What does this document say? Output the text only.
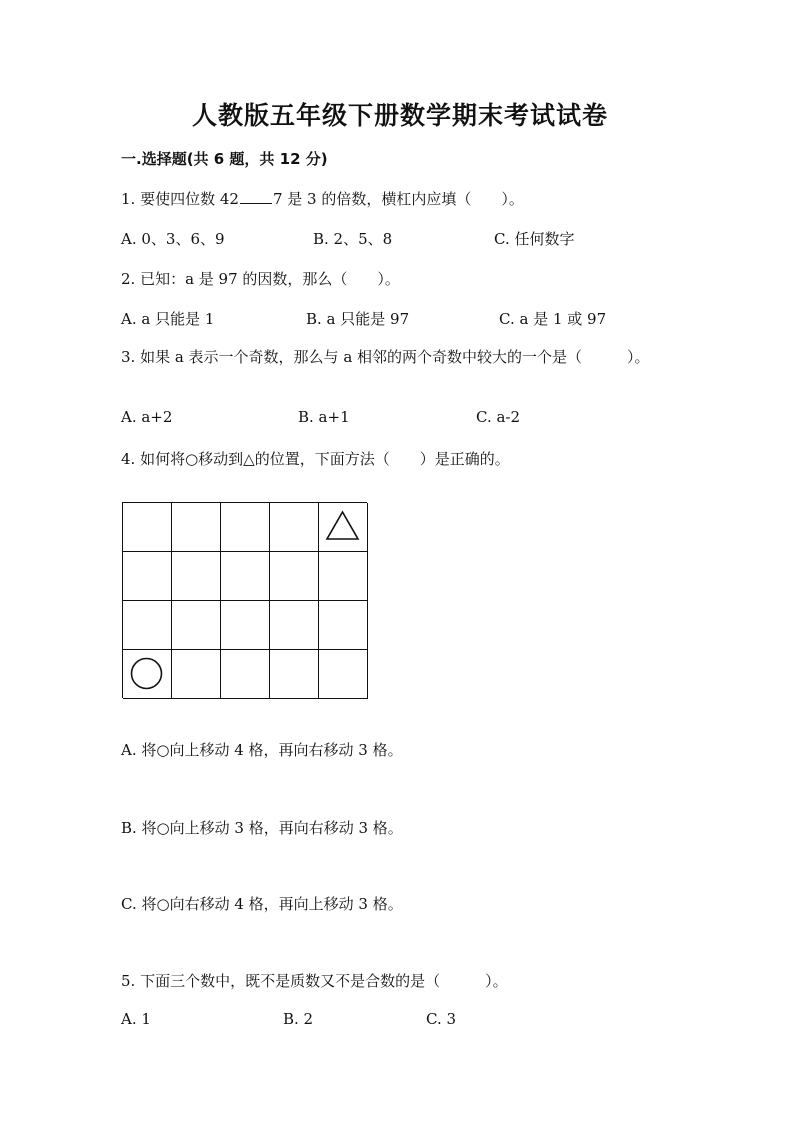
人教版五年级下册数学期末考试试卷
一.选择题(共 6 题，共 12 分)
1. 要使四位数 42 7 是 3 的倍数，横杠内应填（　　）。
A. 0、3、6、9	B. 2、5、8	C. 任何数字
2. 已知：a 是 97 的因数，那么（　　）。
A. a 只能是 1	B. a 只能是 97	C. a 是 1 或 97
3. 如果 a 表示一个奇数，那么与 a 相邻的两个奇数中较大的一个是（　　　）。
A. a+2	B. a+1	C. a-2
4. 如何将○移动到△的位置，下面方法（　　）是正确的。
A. 将○向上移动 4 格，再向右移动 3 格。
B. 将○向上移动 3 格，再向右移动 3 格。
C. 将○向右移动 4 格，再向上移动 3 格。
5. 下面三个数中，既不是质数又不是合数的是（　　　）。
A. 1	B. 2	C. 3
